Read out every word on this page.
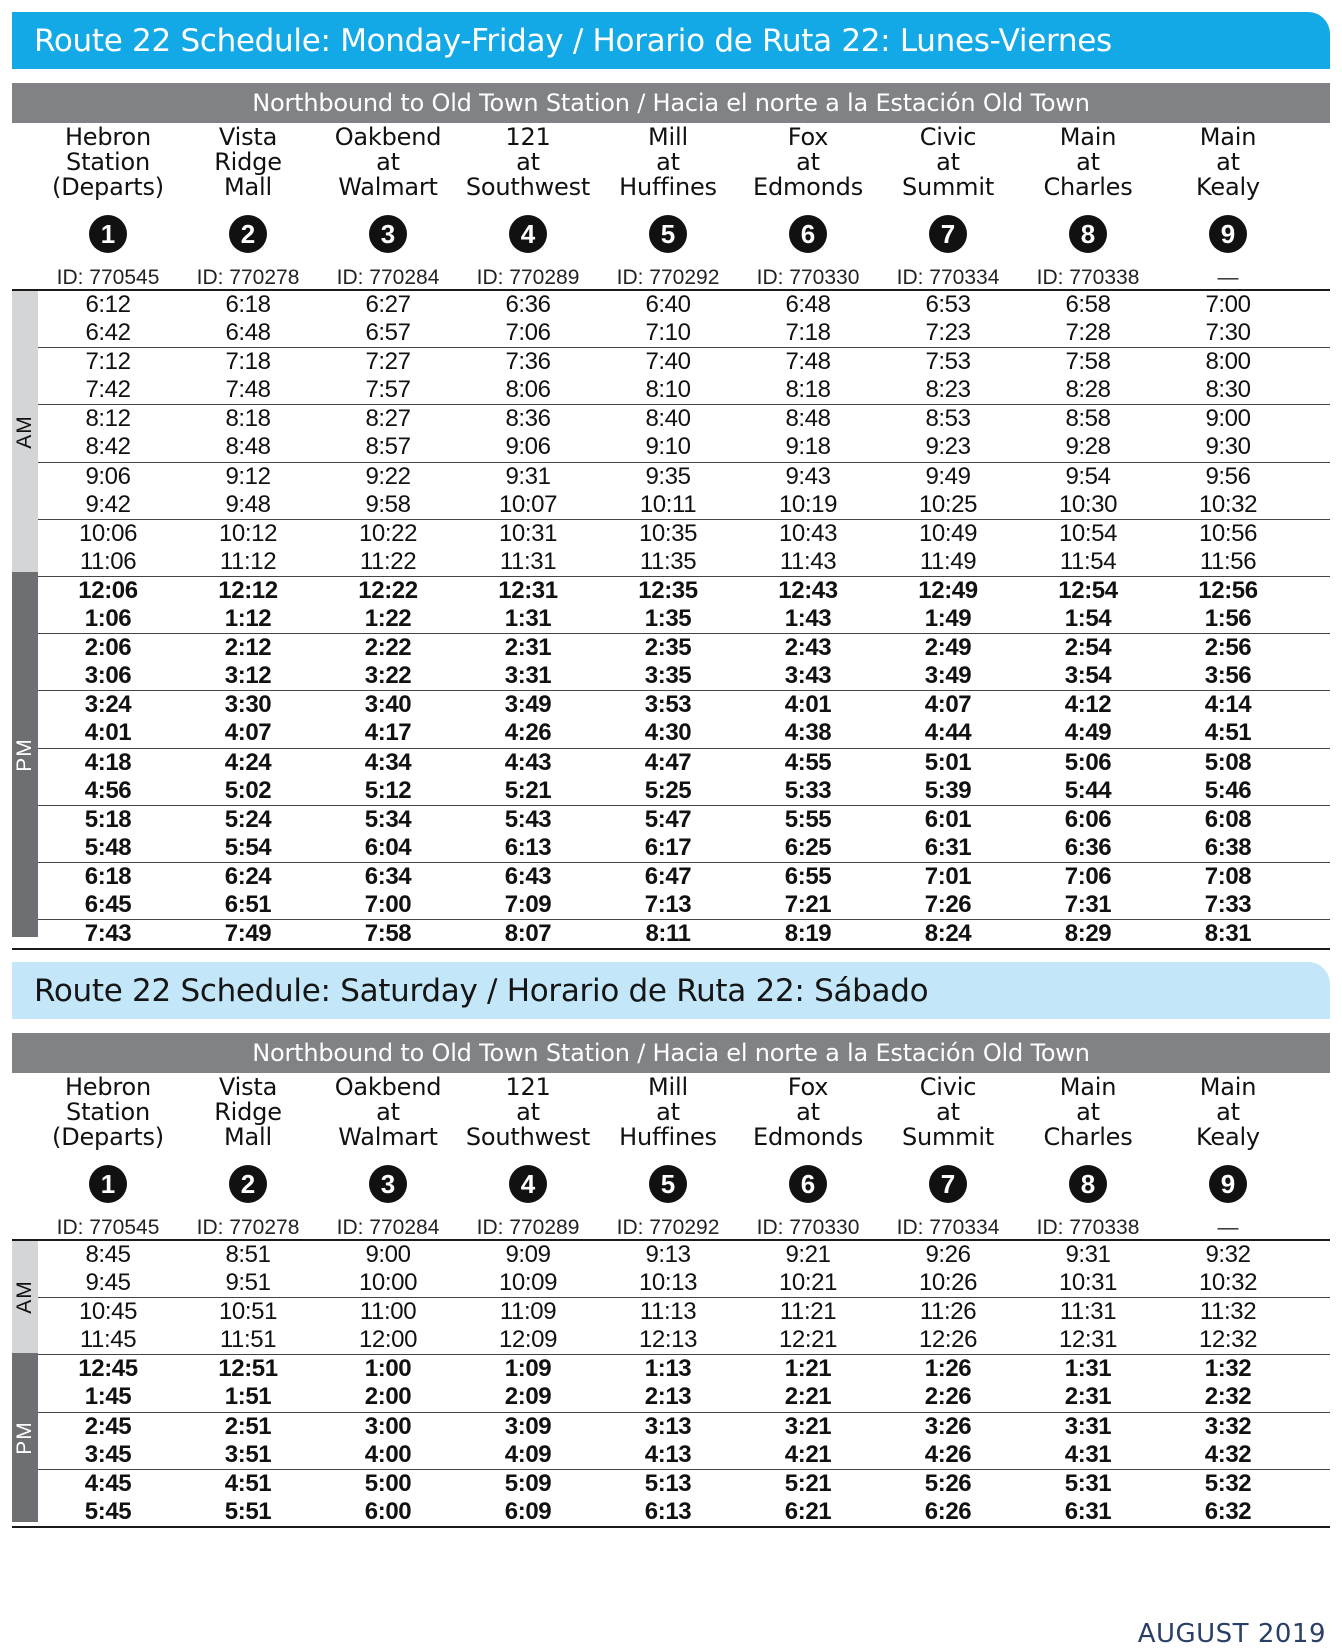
Route 22 Schedule: Monday-Friday / Horario de Ruta 22: Lunes-Viernes
Northbound to Old Town Station / Hacia el norte a la Estación Old Town
Hebron
Station
(Departs)
1
ID: 770545
Vista
Ridge
Mall
2
ID: 770278
Oakbend
at
Walmart
3
ID: 770284
121
at
Southwest
4
ID: 770289
Mill
at
Huffines
5
ID: 770292
Fox
at
Edmonds
6
ID: 770330
Civic
at
Summit
7
ID: 770334
Main
at
Charles
8
ID: 770338
Main
at
Kealy
9
—
AM
PM
6:12	6:18	6:27	6:36	6:40	6:48	6:53	6:58	7:00
6:42	6:48	6:57	7:06	7:10	7:18	7:23	7:28	7:30
7:12	7:18	7:27	7:36	7:40	7:48	7:53	7:58	8:00
7:42	7:48	7:57	8:06	8:10	8:18	8:23	8:28	8:30
8:12	8:18	8:27	8:36	8:40	8:48	8:53	8:58	9:00
8:42	8:48	8:57	9:06	9:10	9:18	9:23	9:28	9:30
9:06	9:12	9:22	9:31	9:35	9:43	9:49	9:54	9:56
9:42	9:48	9:58	10:07	10:11	10:19	10:25	10:30	10:32
10:06	10:12	10:22	10:31	10:35	10:43	10:49	10:54	10:56
11:06	11:12	11:22	11:31	11:35	11:43	11:49	11:54	11:56
12:06	12:12	12:22	12:31	12:35	12:43	12:49	12:54	12:56
1:06	1:12	1:22	1:31	1:35	1:43	1:49	1:54	1:56
2:06	2:12	2:22	2:31	2:35	2:43	2:49	2:54	2:56
3:06	3:12	3:22	3:31	3:35	3:43	3:49	3:54	3:56
3:24	3:30	3:40	3:49	3:53	4:01	4:07	4:12	4:14
4:01	4:07	4:17	4:26	4:30	4:38	4:44	4:49	4:51
4:18	4:24	4:34	4:43	4:47	4:55	5:01	5:06	5:08
4:56	5:02	5:12	5:21	5:25	5:33	5:39	5:44	5:46
5:18	5:24	5:34	5:43	5:47	5:55	6:01	6:06	6:08
5:48	5:54	6:04	6:13	6:17	6:25	6:31	6:36	6:38
6:18	6:24	6:34	6:43	6:47	6:55	7:01	7:06	7:08
6:45	6:51	7:00	7:09	7:13	7:21	7:26	7:31	7:33
7:43	7:49	7:58	8:07	8:11	8:19	8:24	8:29	8:31
Route 22 Schedule: Saturday / Horario de Ruta 22: Sábado
Northbound to Old Town Station / Hacia el norte a la Estación Old Town
Hebron
Station
(Departs)
1
ID: 770545
Vista
Ridge
Mall
2
ID: 770278
Oakbend
at
Walmart
3
ID: 770284
121
at
Southwest
4
ID: 770289
Mill
at
Huffines
5
ID: 770292
Fox
at
Edmonds
6
ID: 770330
Civic
at
Summit
7
ID: 770334
Main
at
Charles
8
ID: 770338
Main
at
Kealy
9
—
AM
PM
8:45	8:51	9:00	9:09	9:13	9:21	9:26	9:31	9:32
9:45	9:51	10:00	10:09	10:13	10:21	10:26	10:31	10:32
10:45	10:51	11:00	11:09	11:13	11:21	11:26	11:31	11:32
11:45	11:51	12:00	12:09	12:13	12:21	12:26	12:31	12:32
12:45	12:51	1:00	1:09	1:13	1:21	1:26	1:31	1:32
1:45	1:51	2:00	2:09	2:13	2:21	2:26	2:31	2:32
2:45	2:51	3:00	3:09	3:13	3:21	3:26	3:31	3:32
3:45	3:51	4:00	4:09	4:13	4:21	4:26	4:31	4:32
4:45	4:51	5:00	5:09	5:13	5:21	5:26	5:31	5:32
5:45	5:51	6:00	6:09	6:13	6:21	6:26	6:31	6:32
AUGUST 2019
